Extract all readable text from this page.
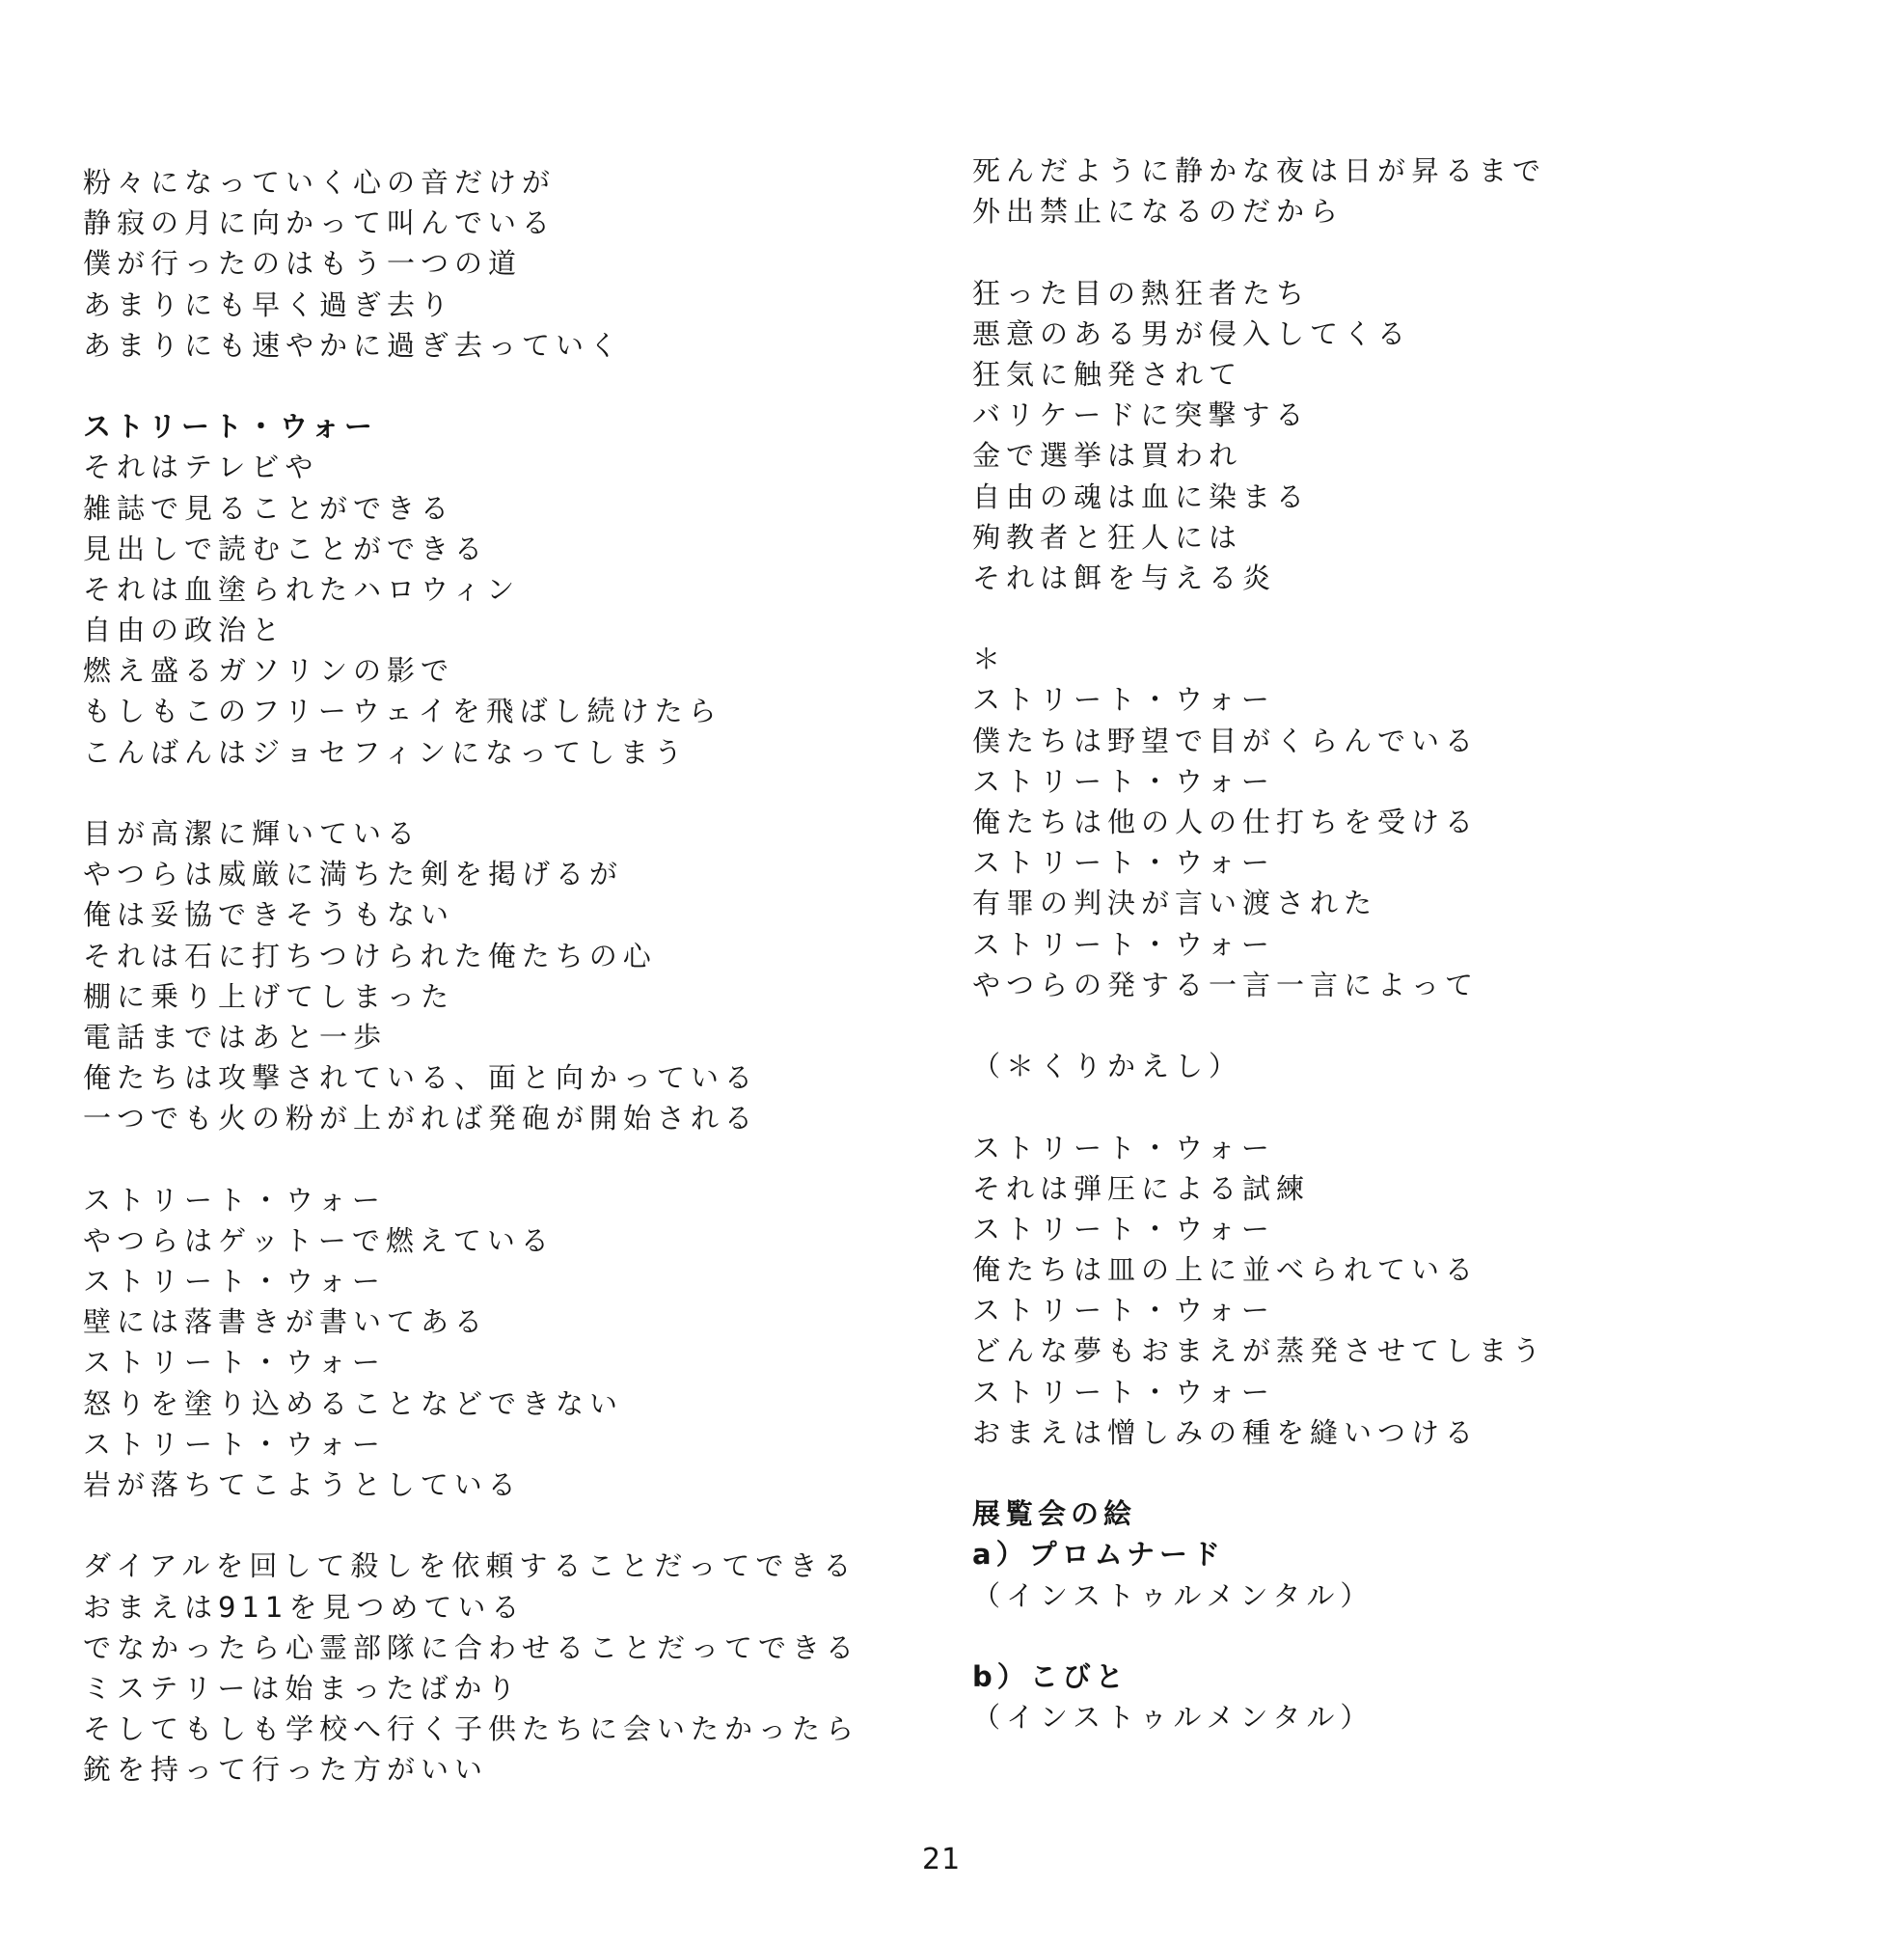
粉々になっていく心の音だけが
静寂の月に向かって叫んでいる
僕が行ったのはもう一つの道
あまりにも早く過ぎ去り
あまりにも速やかに過ぎ去っていく
ストリート・ウォー
それはテレビや
雑誌で見ることができる
見出しで読むことができる
それは血塗られたハロウィン
自由の政治と
燃え盛るガソリンの影で
もしもこのフリーウェイを飛ばし続けたら
こんばんはジョセフィンになってしまう
目が高潔に輝いている
やつらは威厳に満ちた剣を掲げるが
俺は妥協できそうもない
それは石に打ちつけられた俺たちの心
棚に乗り上げてしまった
電話まではあと一歩
俺たちは攻撃されている、面と向かっている
一つでも火の粉が上がれば発砲が開始される
ストリート・ウォー
やつらはゲットーで燃えている
ストリート・ウォー
壁には落書きが書いてある
ストリート・ウォー
怒りを塗り込めることなどできない
ストリート・ウォー
岩が落ちてこようとしている
ダイアルを回して殺しを依頼することだってできる
おまえは911を見つめている
でなかったら心霊部隊に合わせることだってできる
ミステリーは始まったばかり
そしてもしも学校へ行く子供たちに会いたかったら
銃を持って行った方がいい
死んだように静かな夜は日が昇るまで
外出禁止になるのだから
狂った目の熱狂者たち
悪意のある男が侵入してくる
狂気に触発されて
バリケードに突撃する
金で選挙は買われ
自由の魂は血に染まる
殉教者と狂人には
それは餌を与える炎
＊
ストリート・ウォー
僕たちは野望で目がくらんでいる
ストリート・ウォー
俺たちは他の人の仕打ちを受ける
ストリート・ウォー
有罪の判決が言い渡された
ストリート・ウォー
やつらの発する一言一言によって
（＊くりかえし）
ストリート・ウォー
それは弾圧による試練
ストリート・ウォー
俺たちは皿の上に並べられている
ストリート・ウォー
どんな夢もおまえが蒸発させてしまう
ストリート・ウォー
おまえは憎しみの種を縫いつける
展覧会の絵
a）プロムナード
（インストゥルメンタル）
b）こびと
（インストゥルメンタル）
21
